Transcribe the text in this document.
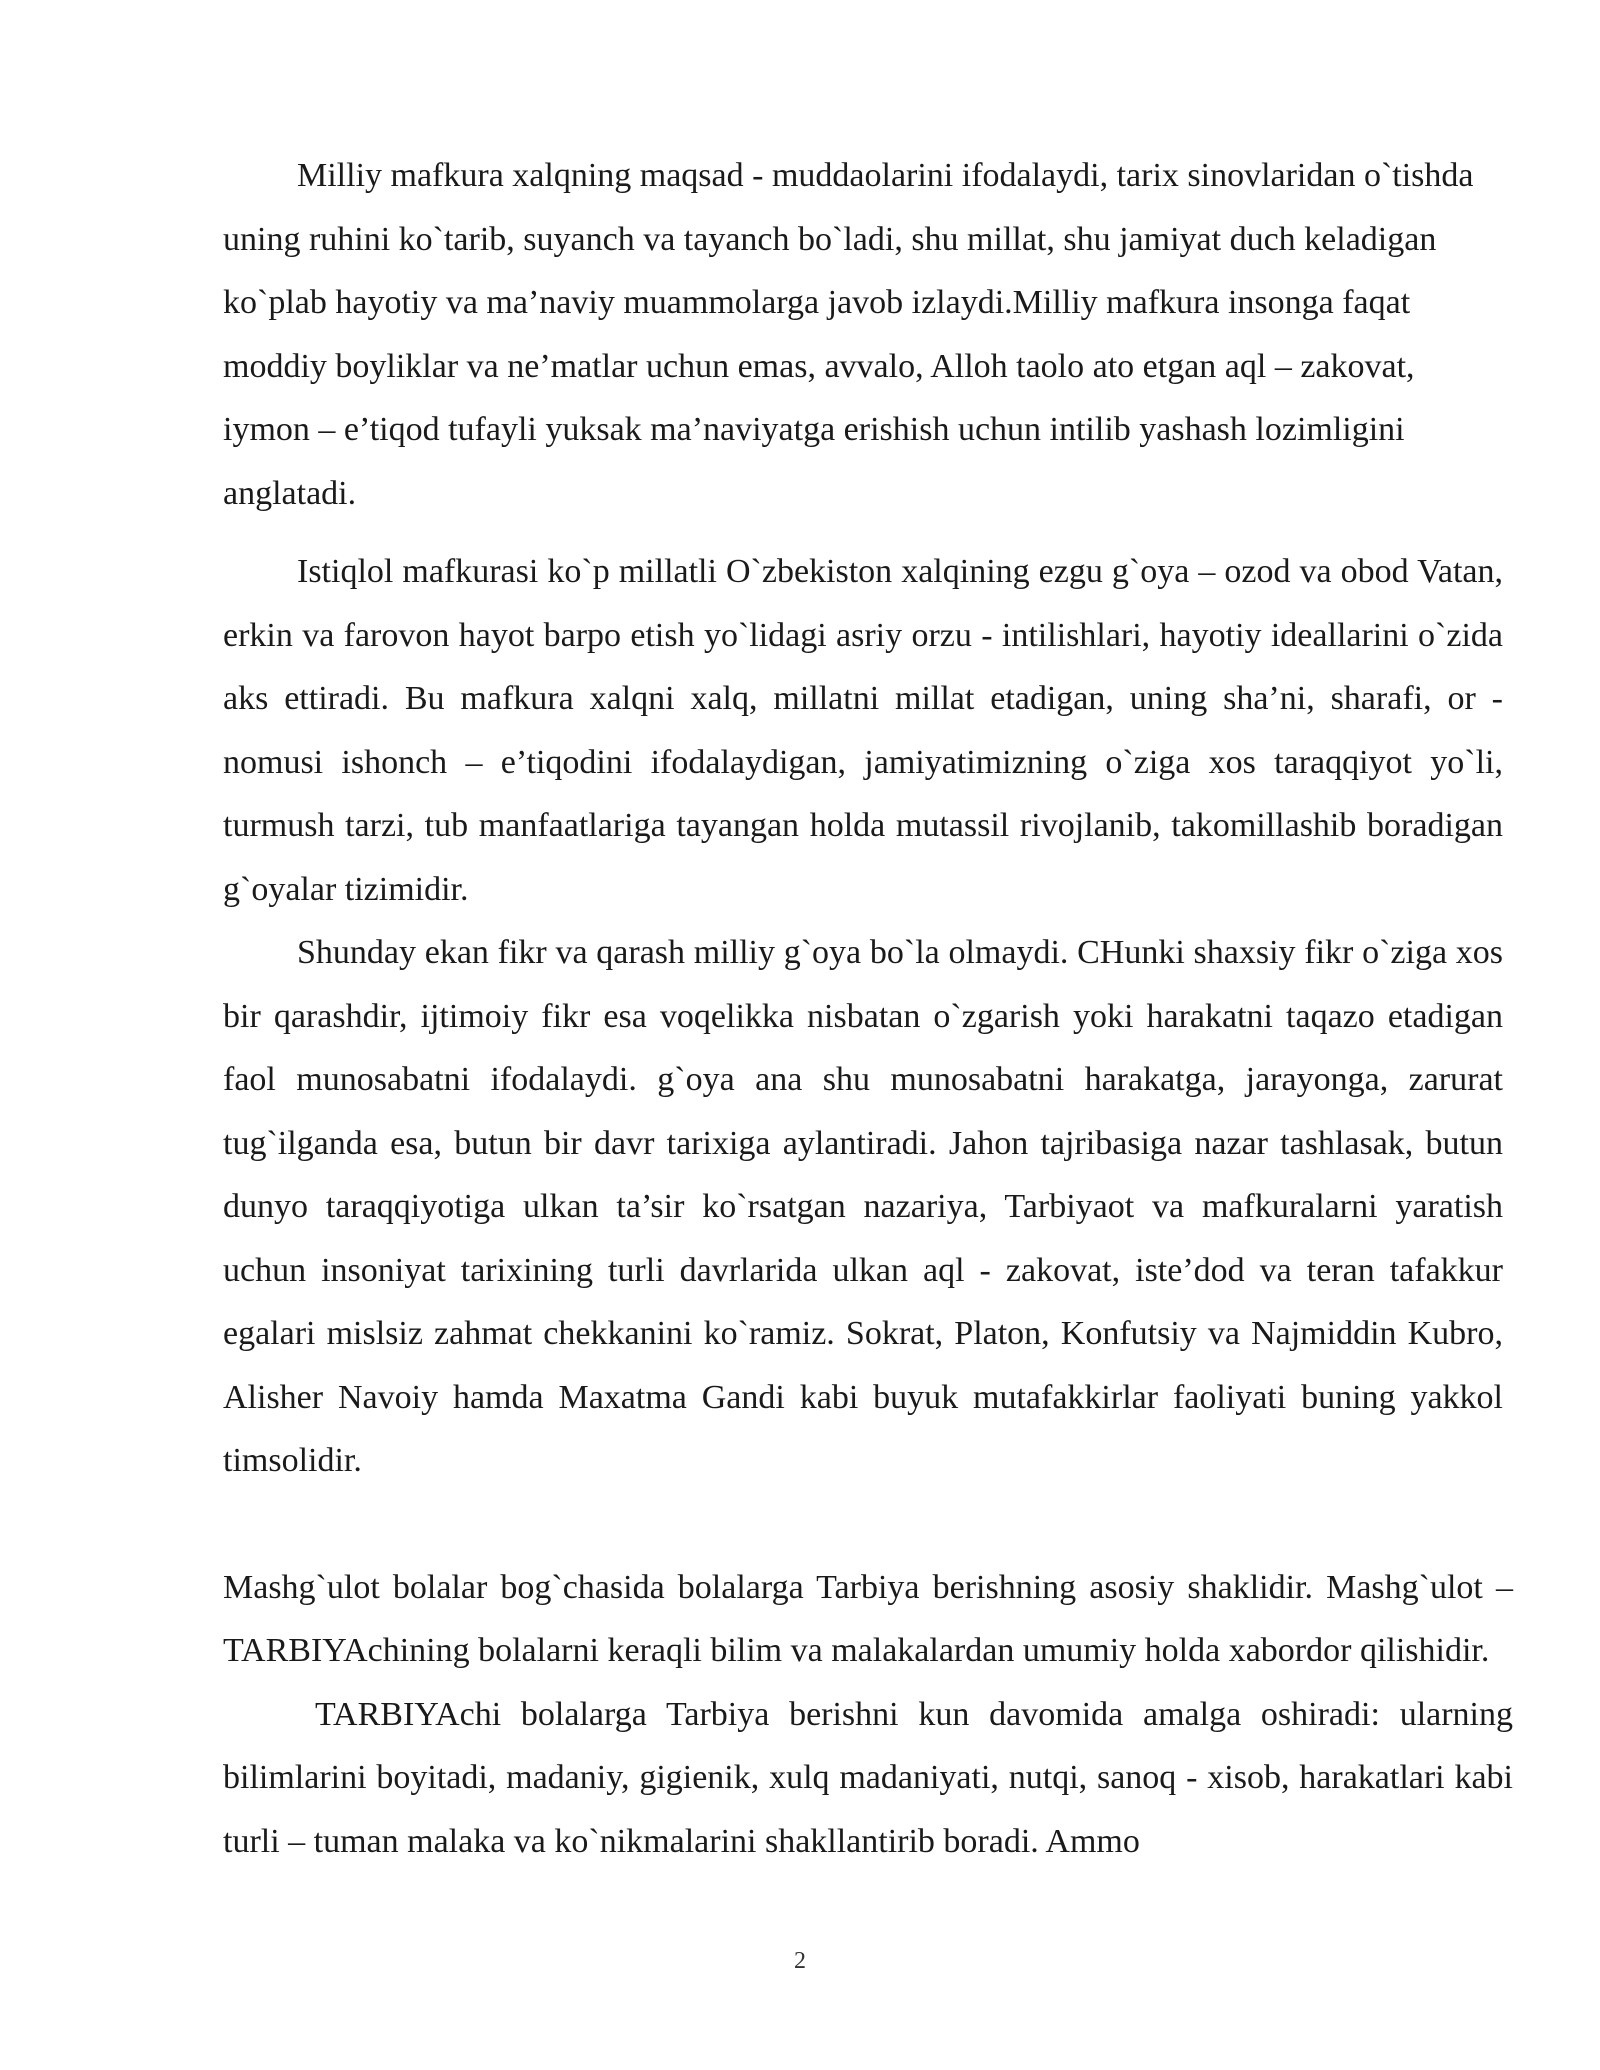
Milliy mafkura xalqning maqsad - muddaolarini ifodalaydi, tarix sinovlaridan o`tishda uning ruhini ko`tarib, suyanch va tayanch bo`ladi, shu millat, shu jamiyat duch keladigan ko`plab hayotiy va ma’naviy muammolarga javob izlaydi.Milliy mafkura insonga faqat moddiy boyliklar va ne’matlar uchun emas, avvalo, Alloh taolo ato etgan aql – zakovat, iymon – e’tiqod tufayli yuksak ma’naviyatga erishish uchun intilib yashash lozimligini anglatadi.

Istiqlol mafkurasi ko`p millatli O`zbekiston xalqining ezgu g`oya – ozod va obod Vatan, erkin va farovon hayot barpo etish yo`lidagi asriy orzu - intilishlari, hayotiy ideallarini o`zida aks ettiradi. Bu mafkura xalqni xalq, millatni millat etadigan, uning sha’ni, sharafi, or - nomusi ishonch – e’tiqodini ifodalaydigan, jamiyatimizning o`ziga xos taraqqiyot yo`li, turmush tarzi, tub manfaatlariga tayangan holda mutassil rivojlanib, takomillashib boradigan g`oyalar tizimidir.

Shunday ekan fikr va qarash milliy g`oya bo`la olmaydi. CHunki shaxsiy fikr o`ziga xos bir qarashdir, ijtimoiy fikr esa voqelikka nisbatan o`zgarish yoki harakatni taqazo etadigan faol munosabatni ifodalaydi. g`oya ana shu munosabatni harakatga, jarayonga, zarurat tug`ilganda esa, butun bir davr tarixiga aylantiradi. Jahon tajribasiga nazar tashlasak, butun dunyo taraqqiyotiga ulkan ta’sir ko`rsatgan nazariya, Tarbiyaot va mafkuralarni yaratish uchun insoniyat tarixining turli davrlarida ulkan aql - zakovat, iste’dod va teran tafakkur egalari mislsiz zahmat chekkanini ko`ramiz. Sokrat, Platon, Konfutsiy va Najmiddin Kubro, Alisher Navoiy hamda Maxatma Gandi kabi buyuk mutafakkirlar faoliyati buning yakkol timsolidir.

Mashg`ulot bolalar bog`chasida bolalarga Tarbiya berishning asosiy shaklidir. Mashg`ulot – TARBIYAchining bolalarni keraqli bilim va malakalardan umumiy holda xabordor qilishidir.

TARBIYAchi bolalarga Tarbiya berishni kun davomida amalga oshiradi: ularning bilimlarini boyitadi, madaniy, gigienik, xulq madaniyati, nutqi, sanoq - xisob, harakatlari kabi turli – tuman malaka va ko`nikmalarini shakllantirib boradi. Ammo

2
